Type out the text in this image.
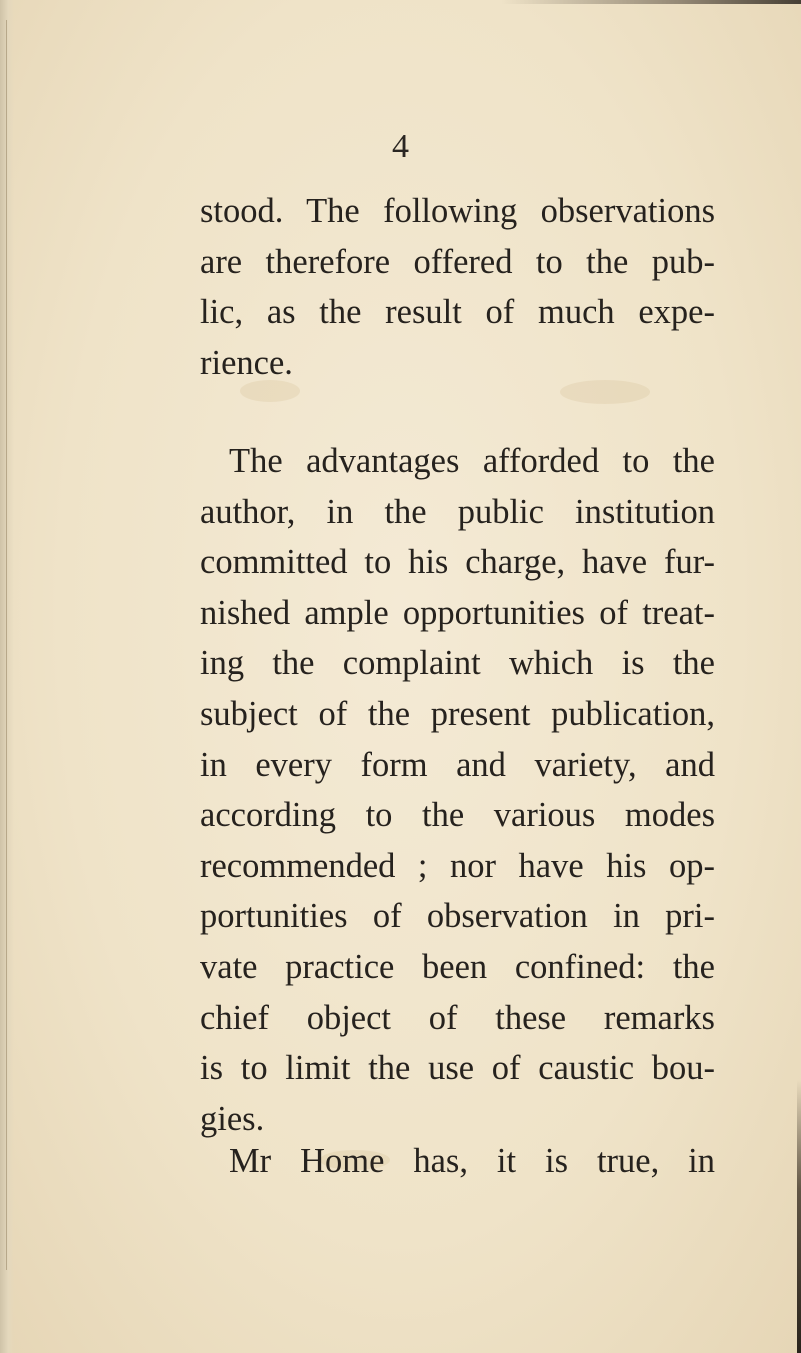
4
stood. The following observations
are therefore offered to the pub-
lic, as the result of much expe-
rience.
The advantages afforded to the
author, in the public institution
committed to his charge, have fur-
nished ample opportunities of treat-
ing the complaint which is the
subject of the present publication,
in every form and variety, and
according to the various modes
recommended ; nor have his op-
portunities of observation in pri-
vate practice been confined: the
chief object of these remarks
is to limit the use of caustic bou-
gies.
Mr Home has, it is true, in
